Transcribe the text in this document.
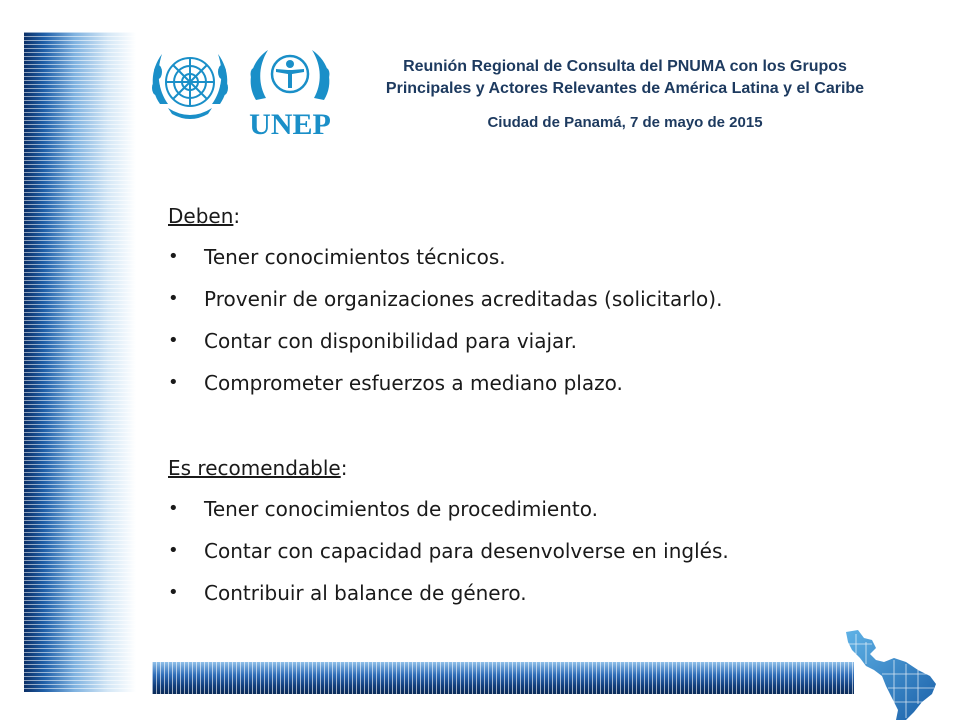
UNEP
Reunión Regional de Consulta del PNUMA con los Grupos
Principales y Actores Relevantes de América Latina y el Caribe
Ciudad de Panamá, 7 de mayo de 2015
Deben:
• Tener conocimientos técnicos.
• Provenir de organizaciones acreditadas (solicitarlo).
• Contar con disponibilidad para viajar.
• Comprometer esfuerzos a mediano plazo.
Es recomendable:
• Tener conocimientos de procedimiento.
• Contar con capacidad para desenvolverse en inglés.
• Contribuir al balance de género.
